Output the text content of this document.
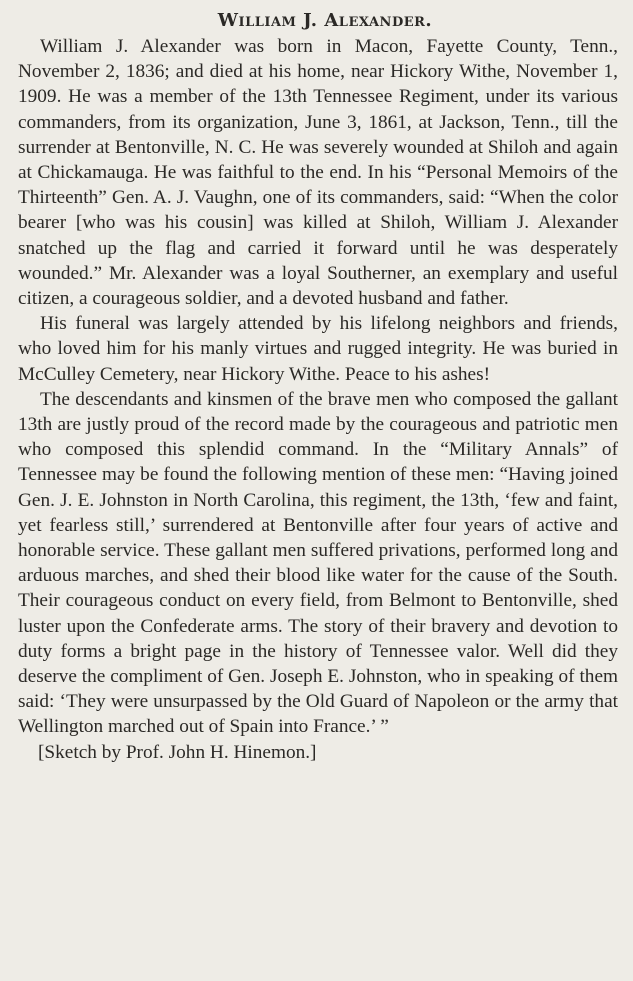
William J. Alexander.

William J. Alexander was born in Macon, Fayette County, Tenn., November 2, 1836; and died at his home, near Hickory Withe, November 1, 1909. He was a member of the 13th Tennessee Regiment, under its various commanders, from its organization, June 3, 1861, at Jackson, Tenn., till the surrender at Bentonville, N. C. He was severely wounded at Shiloh and again at Chickamauga. He was faithful to the end. In his “Personal Memoirs of the Thirteenth” Gen. A. J. Vaughn, one of its commanders, said: “When the color bearer [who was his cousin] was killed at Shiloh, William J. Alexander snatched up the flag and carried it forward until he was desperately wounded.” Mr. Alexander was a loyal Southerner, an exemplary and useful citizen, a courageous soldier, and a devoted husband and father.

His funeral was largely attended by his lifelong neighbors and friends, who loved him for his manly virtues and rugged integrity. He was buried in McCulley Cemetery, near Hickory Withe. Peace to his ashes!

The descendants and kinsmen of the brave men who composed the gallant 13th are justly proud of the record made by the courageous and patriotic men who composed this splendid command. In the “Military Annals” of Tennessee may be found the following mention of these men: “Having joined Gen. J. E. Johnston in North Carolina, this regiment, the 13th, ‘few and faint, yet fearless still,’ surrendered at Bentonville after four years of active and honorable service. These gallant men suffered privations, performed long and arduous marches, and shed their blood like water for the cause of the South. Their courageous conduct on every field, from Belmont to Bentonville, shed luster upon the Confederate arms. The story of their bravery and devotion to duty forms a bright page in the history of Tennessee valor. Well did they deserve the compliment of Gen. Joseph E. Johnston, who in speaking of them said: ‘They were unsurpassed by the Old Guard of Napoleon or the army that Wellington marched out of Spain into France.’ ”

[Sketch by Prof. John H. Hinemon.]
